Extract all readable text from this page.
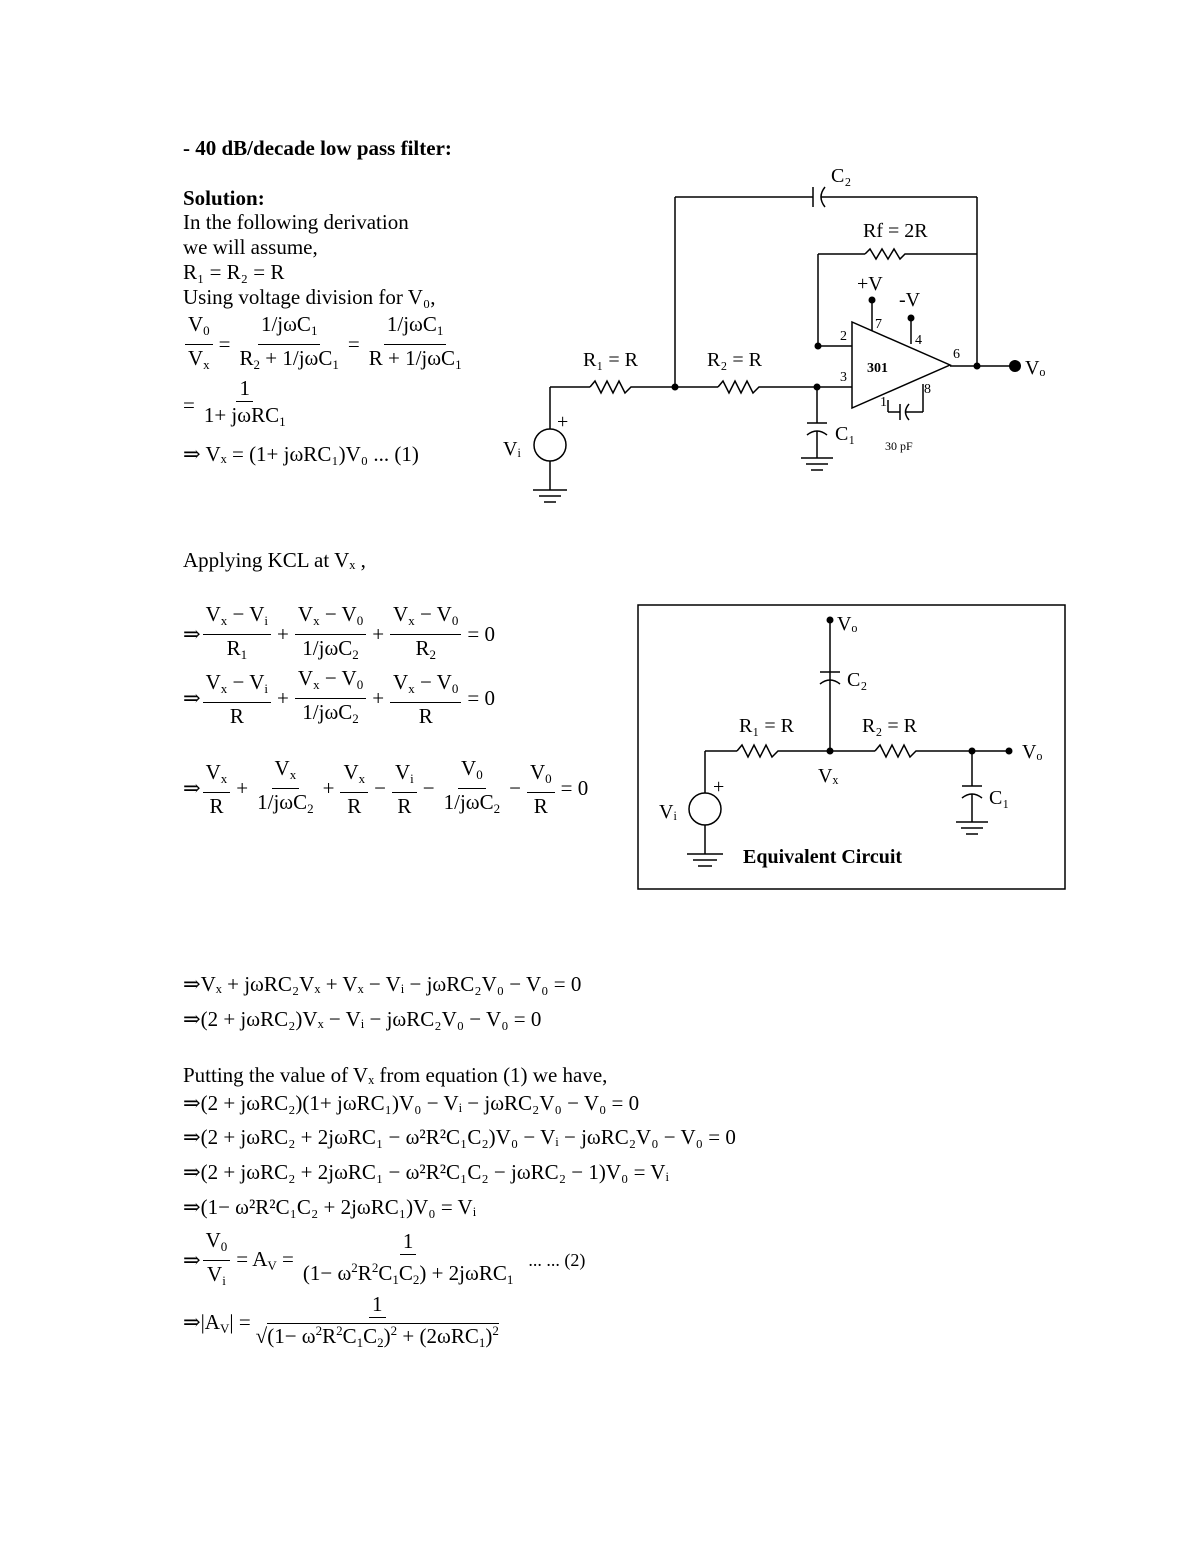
- 40 dB/decade low pass filter:
Solution:
In the following derivation
we will assume,
R₁ = R₂ = R
Using voltage division for V₀,
$\frac{V_0}{V_x} = \frac{1/j\omega C_1}{R_2 + 1/j\omega C_1} = \frac{1/j\omega C_1}{R + 1/j\omega C_1}$
= $\frac{1}{1+ j\omega RC_1}$
⇒ Vₓ = (1+ jωRC₁)V₀ ... (1)
R₁ = R	R₂ = R
Rf = 2R
C₂
C₁
Vᵢ
Vₒ
+V
-V
+
301
2
3
7
4
6
8
1
30 pF
Applying KCL at Vₓ ,
⇒ $\frac{V_x - V_i}{R_1} + \frac{V_x - V_0}{1/j\omega C_2} + \frac{V_x - V_0}{R_2} = 0$
⇒ $\frac{V_x - V_i}{R} + \frac{V_x - V_0}{1/j\omega C_2} + \frac{V_x - V_0}{R} = 0$
⇒ $\frac{V_x}{R} + \frac{V_x}{1/j\omega C_2} + \frac{V_x}{R} - \frac{V_i}{R} - \frac{V_0}{1/j\omega C_2} - \frac{V_0}{R} = 0$
Vₒ
C₂
R₁ = R	R₂ = R
Vₓ
Vₒ
C₁
Vᵢ
+
Equivalent Circuit
⇒Vₓ + jωRC₂Vₓ + Vₓ − Vᵢ − jωRC₂V₀ − V₀ = 0
⇒(2 + jωRC₂)Vₓ − Vᵢ − jωRC₂V₀ − V₀ = 0
Putting the value of Vₓ from equation (1) we have,
⇒(2 + jωRC₂)(1+ jωRC₁)V₀ − Vᵢ − jωRC₂V₀ − V₀ = 0
⇒(2 + jωRC₂ + 2jωRC₁ − ω²R²C₁C₂)V₀ − Vᵢ − jωRC₂V₀ − V₀ = 0
⇒(2 + jωRC₂ + 2jωRC₁ − ω²R²C₁C₂ − jωRC₂ − 1)V₀ = Vᵢ
⇒(1− ω²R²C₁C₂ + 2jωRC₁)V₀ = Vᵢ
⇒ $\frac{V_0}{V_i} = A_V = \frac{1}{(1- \omega^2R^2C_1C_2) + 2j\omega RC_1}$ ... ... (2)
$\Rightarrow|A_V| = \frac{1}{√(1- \omega^2R^2C_1C_2)^2 + (2\omega RC_1)^2}$
